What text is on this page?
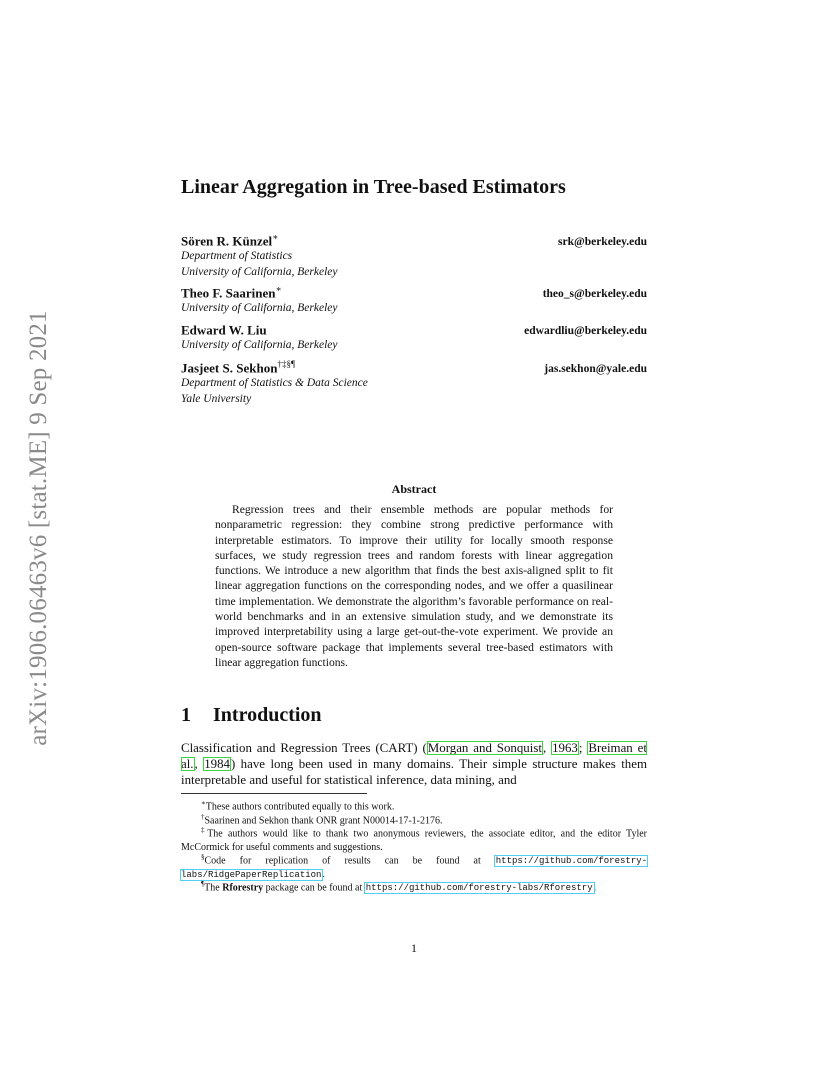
arXiv:1906.06463v6 [stat.ME] 9 Sep 2021
Linear Aggregation in Tree-based Estimators
Sören R. Künzel∗	srk@berkeley.edu
Department of Statistics
University of California, Berkeley
Theo F. Saarinen∗	theo_s@berkeley.edu
University of California, Berkeley
Edward W. Liu	edwardliu@berkeley.edu
University of California, Berkeley
Jasjeet S. Sekhon†‡§¶	jas.sekhon@yale.edu
Department of Statistics & Data Science
Yale University
Abstract
Regression trees and their ensemble methods are popular methods for nonparametric regression: they combine strong predictive performance with interpretable estimators. To improve their utility for locally smooth response surfaces, we study regression trees and random forests with linear aggregation functions. We introduce a new algorithm that finds the best axis-aligned split to fit linear aggregation functions on the corresponding nodes, and we offer a quasilinear time implementation. We demonstrate the algorithm’s favorable performance on real-world benchmarks and in an extensive simulation study, and we demonstrate its improved interpretability using a large get-out-the-vote experiment. We provide an open-source software package that implements several tree-based estimators with linear aggregation functions.
1 Introduction
Classification and Regression Trees (CART) (Morgan and Sonquist, 1963; Breiman et al., 1984) have long been used in many domains. Their simple structure makes them interpretable and useful for statistical inference, data mining, and
∗These authors contributed equally to this work.
†Saarinen and Sekhon thank ONR grant N00014-17-1-2176.
‡The authors would like to thank two anonymous reviewers, the associate editor, and the editor Tyler McCormick for useful comments and suggestions.
§Code for replication of results can be found at https://github.com/forestry-labs/RidgePaperReplication.
¶The Rforestry package can be found at https://github.com/forestry-labs/Rforestry.
1
